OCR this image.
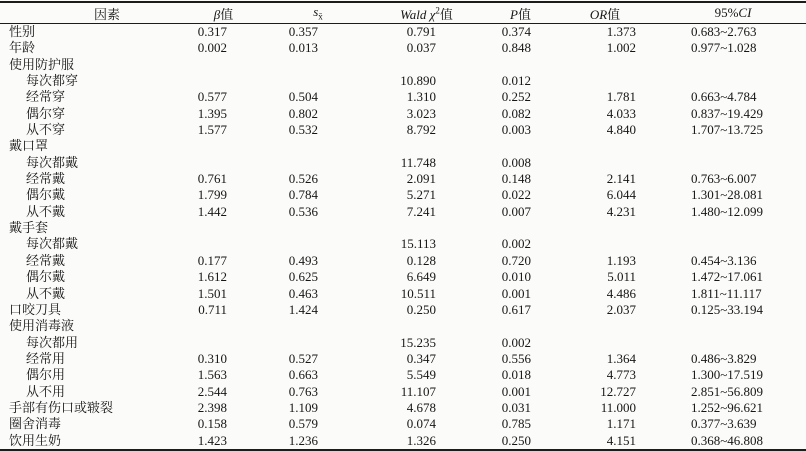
因素	β值	$s_{x̄}$	Wald $\chi^2$值	P值	OR值	95%CI
性别	0.317	0.357	0.791	0.374	1.373	0.683~2.763
年龄	0.002	0.013	0.037	0.848	1.002	0.977~1.028
使用防护服						
每次都穿			10.890	0.012		
经常穿	0.577	0.504	1.310	0.252	1.781	0.663~4.784
偶尔穿	1.395	0.802	3.023	0.082	4.033	0.837~19.429
从不穿	1.577	0.532	8.792	0.003	4.840	1.707~13.725
戴口罩						
每次都戴			11.748	0.008		
经常戴	0.761	0.526	2.091	0.148	2.141	0.763~6.007
偶尔戴	1.799	0.784	5.271	0.022	6.044	1.301~28.081
从不戴	1.442	0.536	7.241	0.007	4.231	1.480~12.099
戴手套						
每次都戴			15.113	0.002		
经常戴	0.177	0.493	0.128	0.720	1.193	0.454~3.136
偶尔戴	1.612	0.625	6.649	0.010	5.011	1.472~17.061
从不戴	1.501	0.463	10.511	0.001	4.486	1.811~11.117
口咬刀具	0.711	1.424	0.250	0.617	2.037	0.125~33.194
使用消毒液						
每次都用			15.235	0.002		
经常用	0.310	0.527	0.347	0.556	1.364	0.486~3.829
偶尔用	1.563	0.663	5.549	0.018	4.773	1.300~17.519
从不用	2.544	0.763	11.107	0.001	12.727	2.851~56.809
手部有伤口或皲裂	2.398	1.109	4.678	0.031	11.000	1.252~96.621
圈舍消毒	0.158	0.579	0.074	0.785	1.171	0.377~3.639
饮用生奶	1.423	1.236	1.326	0.250	4.151	0.368~46.808
